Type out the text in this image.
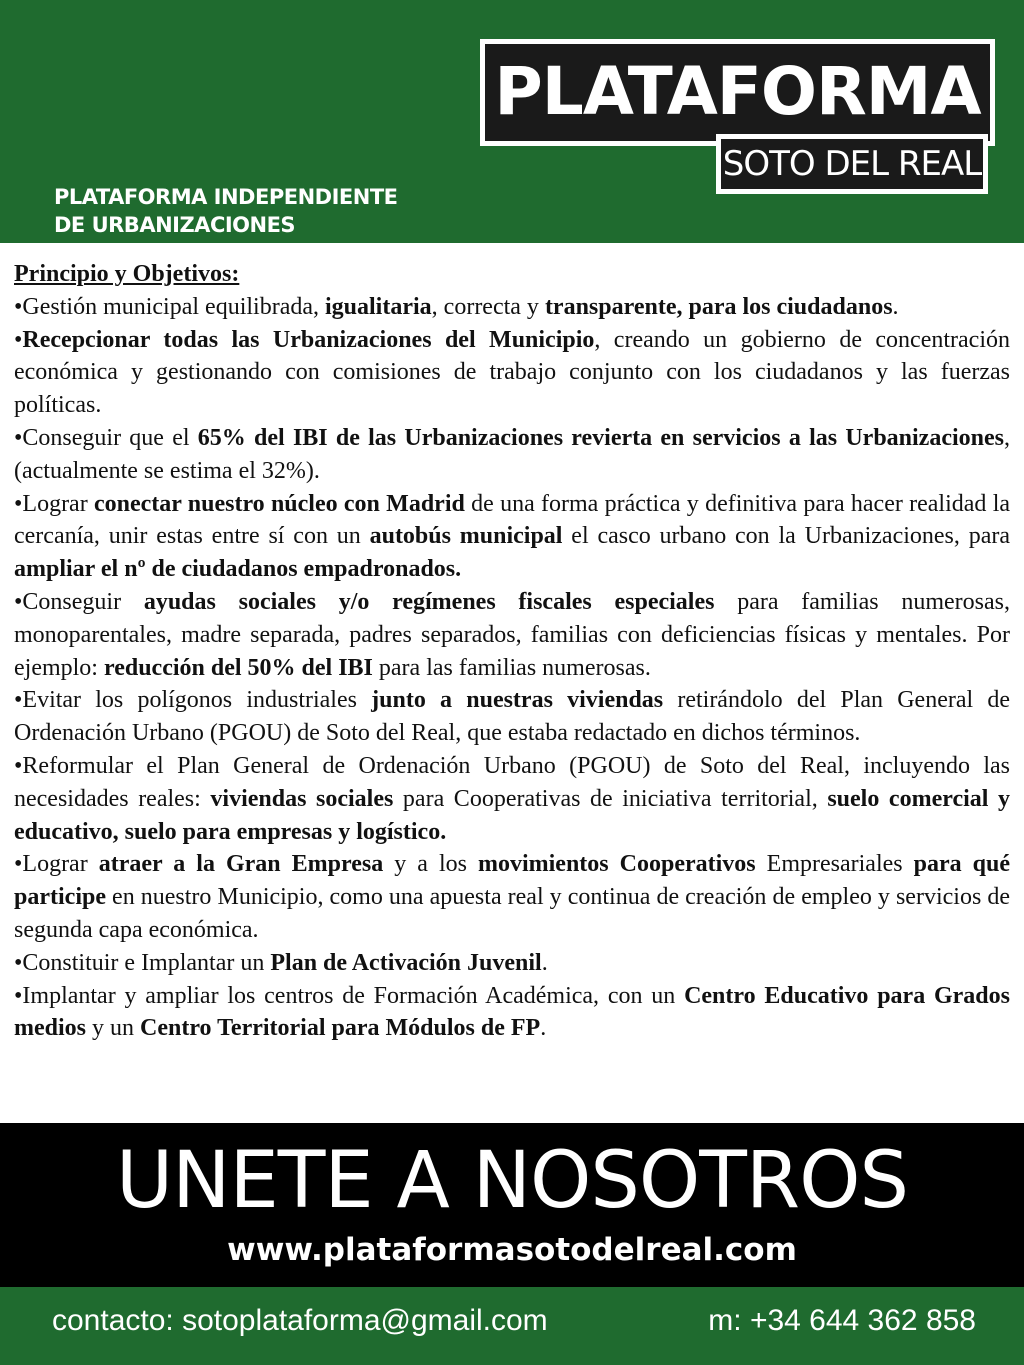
PLATAFORMA
SOTO DEL REAL
PLATAFORMA INDEPENDIENTE
DE URBANIZACIONES

Principio y Objetivos:

•Gestión municipal equilibrada, igualitaria, correcta y transparente, para los ciudadanos.

•Recepcionar todas las Urbanizaciones del Municipio, creando un gobierno de concentración económica y gestionando con comisiones de trabajo conjunto con los ciudadanos y las fuerzas políticas.

•Conseguir que el 65% del IBI de las Urbanizaciones revierta en servicios a las Urbanizaciones, (actualmente se estima el 32%).

•Lograr conectar nuestro núcleo con Madrid de una forma práctica y definitiva para hacer realidad la cercanía, unir estas entre sí con un autobús municipal el casco urbano con la Urbanizaciones, para ampliar el nº de ciudadanos empadronados.

•Conseguir ayudas sociales y/o regímenes fiscales especiales para familias numerosas, monoparentales, madre separada, padres separados, familias con deficiencias físicas y mentales. Por ejemplo: reducción del 50% del IBI para las familias numerosas.

•Evitar los polígonos industriales junto a nuestras viviendas retirándolo del Plan General de Ordenación Urbano (PGOU) de Soto del Real, que estaba redactado en dichos términos.

•Reformular el Plan General de Ordenación Urbano (PGOU) de Soto del Real, incluyendo las necesidades reales: viviendas sociales para Cooperativas de iniciativa territorial, suelo comercial y educativo, suelo para empresas y logístico.

•Lograr atraer a la Gran Empresa y a los movimientos Cooperativos Empresariales para qué participe en nuestro Municipio, como una apuesta real y continua de creación de empleo y servicios de segunda capa económica.

•Constituir e Implantar un Plan de Activación Juvenil.

•Implantar y ampliar los centros de Formación Académica, con un Centro Educativo para Grados medios y un Centro Territorial para Módulos de FP.

UNETE A NOSOTROS
www.plataformasotodelreal.com
contacto: sotoplataforma@gmail.com	m: +34 644 362 858
